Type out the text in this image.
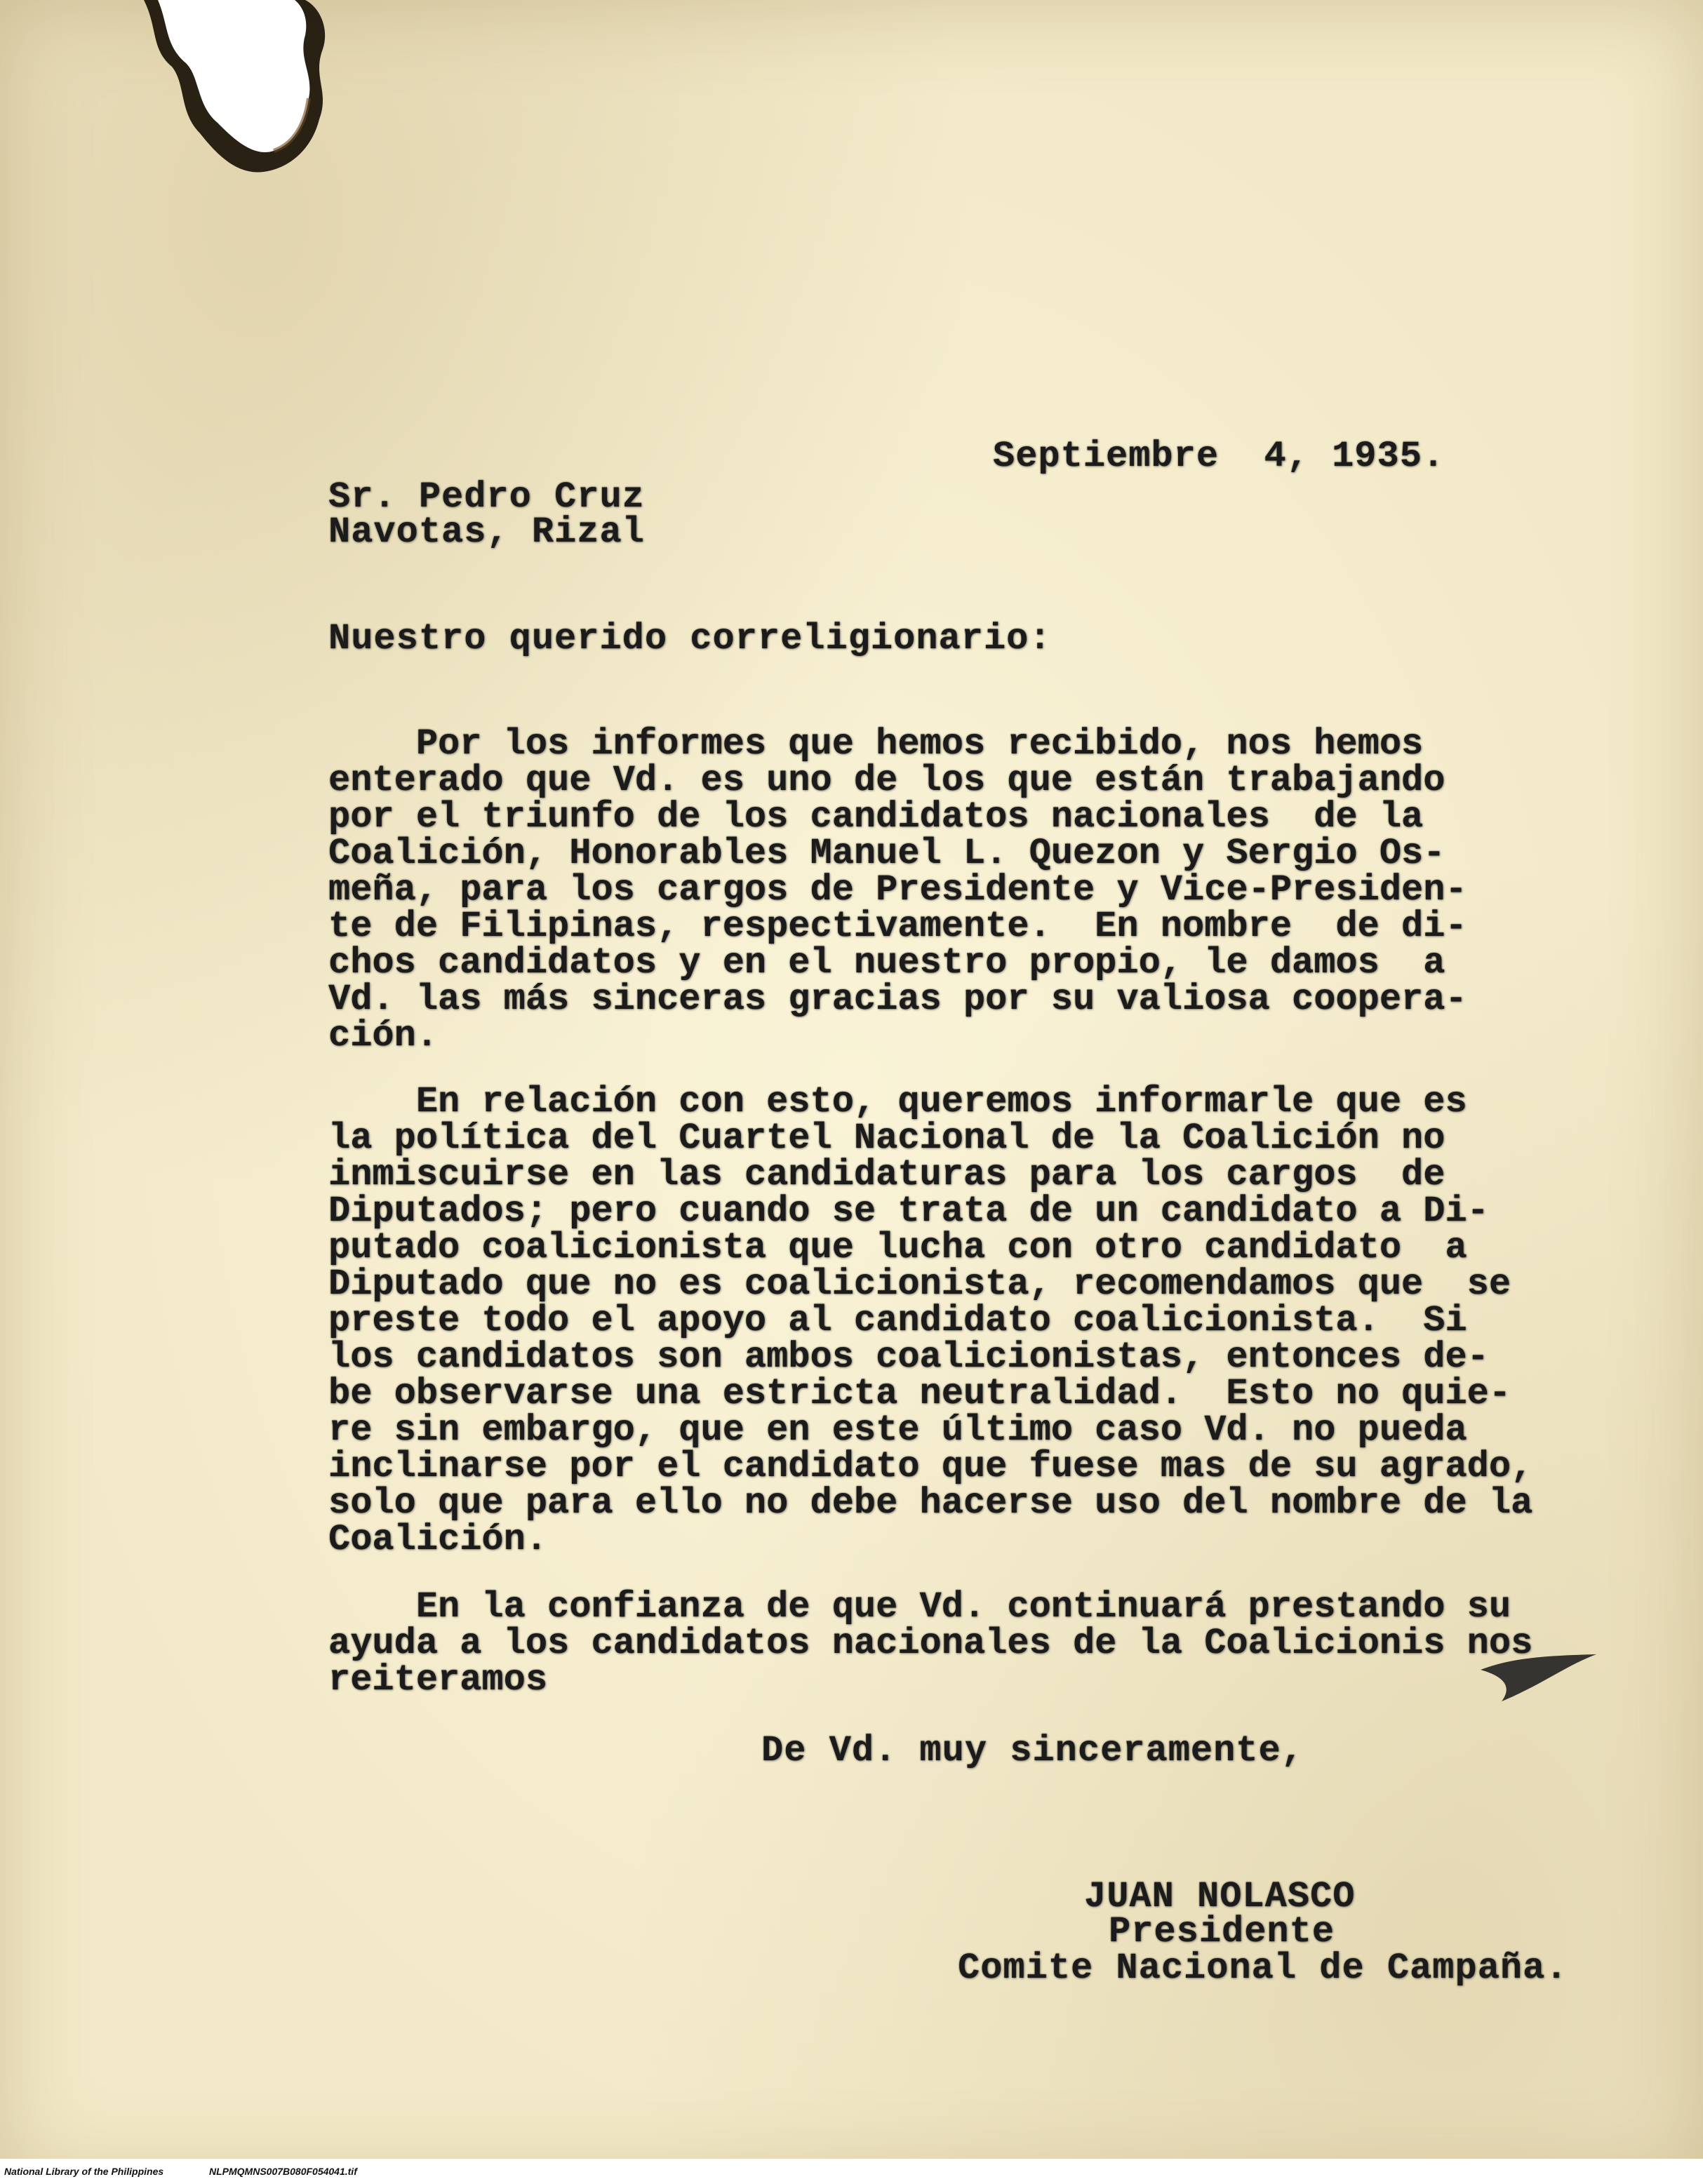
Septiembre  4, 1935.
Sr. Pedro Cruz
Navotas, Rizal
Nuestro querido correligionario:
Por los informes que hemos recibido, nos hemos
enterado que Vd. es uno de los que están trabajando
por el triunfo de los candidatos nacionales  de la
Coalición, Honorables Manuel L. Quezon y Sergio Os-
meña, para los cargos de Presidente y Vice-Presiden-
te de Filipinas, respectivamente.  En nombre  de di-
chos candidatos y en el nuestro propio, le damos  a
Vd. las más sinceras gracias por su valiosa coopera-
ción.
En relación con esto, queremos informarle que es
la política del Cuartel Nacional de la Coalición no
inmiscuirse en las candidaturas para los cargos  de
Diputados; pero cuando se trata de un candidato a Di-
putado coalicionista que lucha con otro candidato  a
Diputado que no es coalicionista, recomendamos que  se
preste todo el apoyo al candidato coalicionista.  Si
los candidatos son ambos coalicionistas, entonces de-
be observarse una estricta neutralidad.  Esto no quie-
re sin embargo, que en este último caso Vd. no pueda
inclinarse por el candidato que fuese mas de su agrado,
solo que para ello no debe hacerse uso del nombre de la
Coalición.
En la confianza de que Vd. continuará prestando su
ayuda a los candidatos nacionales de la Coalicionis nos
reiteramos
De Vd. muy sinceramente,
JUAN NOLASCO
Presidente
Comite Nacional de Campaña.
National Library of the Philippines	NLPMQMNS007B080F054041.tif
